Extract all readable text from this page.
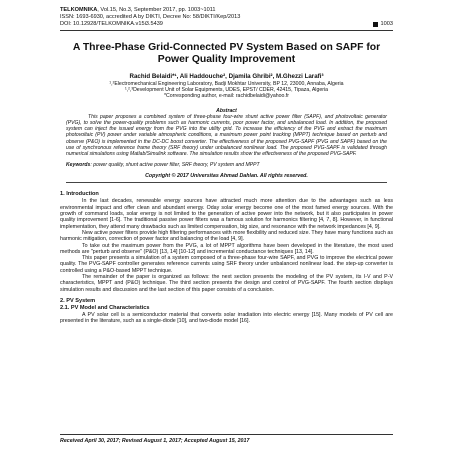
TELKOMNIKA, Vol.15, No.3, September 2017, pp. 1003~1011
ISSN: 1693-6930, accredited A by DIKTI, Decree No: 58/DIKTI/Kep/2013
DOI: 10.12928/TELKOMNIKA.v15i3.5439	1003
A Three-Phase Grid-Connected PV System Based on SAPF for Power Quality Improvement
Rachid Belaidi*¹, Ali Haddouche², Djamila Ghribi², M.Ghezzi Larafi³
¹,²Electromechanical Engineering Laboratory, Badji Mokhtar University, BP 12, 23000, Annaba, Algeria
¹,²,³Development Unit of Solar Equipments, UDES, EPST/ CDER, 42415, Tipaza, Algeria
*Corresponding author, e-mail: rachidbelaidi@yahoo.fr
Abstract
This paper proposes a combined system of three-phase four-wire shunt active power filter (SAPF), and photovoltaic generator (PVG), to solve the power-quality problems such as harmonic currents, poor power factor, and unbalanced load. In addition, the proposed system can inject the issued energy from the PVG into the utility grid. To increase the efficiency of the PVG and extract the maximum photovoltaic (PV) power under variable atmospheric conditions, a maximum power point tracking (MPPT) technique based on perturb and observe (P&O) is implemented in the DC-DC boost converter. The effectiveness of the proposed PVG-SAPF (PVG and SAPF) based on the use of synchronous reference frame theory (SRF theory) under unbalanced nonlinear load. The proposed PVG-SAPF is validated through numerical simulations using Matlab/Simulink software. The simulation results show the effectiveness of the proposed PVG-SAPF.
Keywords: power quality, shunt active power filter, SRF theory, PV system and MPPT
Copyright © 2017 Universitas Ahmad Dahlan. All rights reserved.
1. Introduction
In the last decades, renewable energy sources have attracted much more attention due to the advantages such as less environmental impact and offer clean and abundant energy. Oday solar energy become one of the most famed energy sources. With the growth of command loads, solar energy is not limited to the generation of active power into the network, but it also participates in power quality improvement [1-6]. The traditional passive power filters was a famous solution for harmonics filtering [4, 7, 8]. However, in functional implementation, they attend many drawbacks such as limited compensation, big size, and resonance with the network impedances [4, 9].
New active power filters provide high filtering performances with more flexibility and reduced size. They have many functions such as harmonic mitigation, correction of power factor and balancing of the load [4, 9].
To take out the maximum power from the PVG, a lot of MPPT algorithms have been developed in the literature, the most used methods are "perturb and observe" (P&O) [13, 14] [10-12] and incremental conductance techniques [13, 14].
This paper presents a simulation of a system composed of a three-phase four-wire SAPF, and PVG to improve the electrical power quality. The PVG-SAPF controller generates reference currents using SRF theory under unbalanced nonlinear load. the step-up converter is controlled using a P&O-based MPPT technique.
The remainder of the paper is organized as follows: the next section presents the modeling of the PV system, its I-V and P-V characteristics, MPPT and (P&O) technique. The third section presents the design and control of PVG-SAPF. The fourth section displays simulation results and discussion and the last section of this paper consists of a conclusion.
2. PV System
2.1. PV Model and Characteristics
A PV solar cell is a semiconductor material that converts solar irradiation into electric energy [15]. Many models of PV cell are presented in the literature, such as a single-diode [10], and two-diode model [16].
Received April 30, 2017; Revised August 1, 2017; Accepted August 15, 2017
